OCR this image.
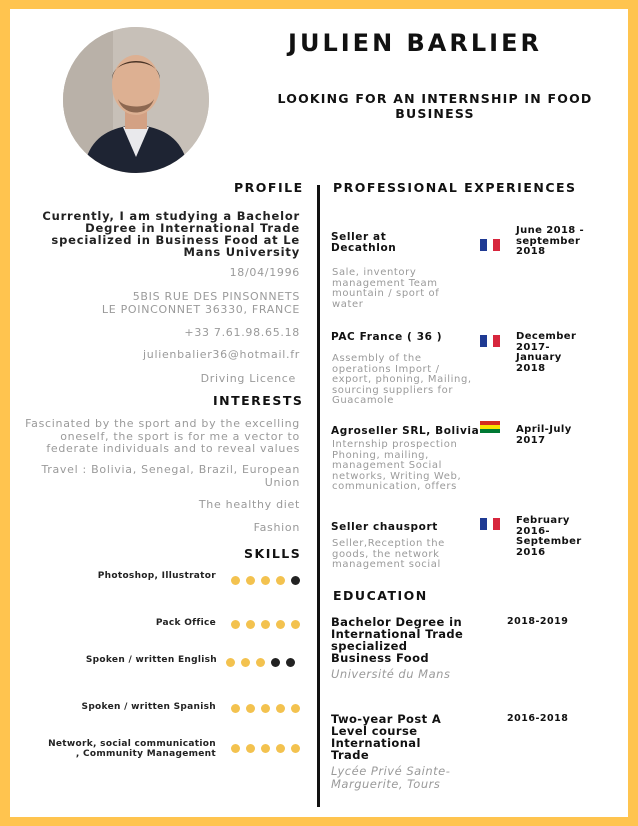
JULIEN BARLIER
LOOKING FOR AN INTERNSHIP IN FOOD BUSINESS
PROFILE
Currently, I am studying a Bachelor Degree in International Trade specialized in Business Food at Le Mans University
18/04/1996
5BIS RUE DES PINSONNETS
LE POINCONNET 36330, FRANCE
+33 7.61.98.65.18
julienbalier36@hotmail.fr
Driving Licence
INTERESTS
Fascinated by the sport and by the excelling oneself, the sport is for me a vector to federate individuals and to reveal values
Travel : Bolivia, Senegal, Brazil, European Union
The healthy diet
Fashion
SKILLS
Photoshop, Illustrator
Pack Office
Spoken / written English
Spoken / written Spanish
Network, social communication , Community Management
PROFESSIONAL EXPERIENCES
Seller at Decathlon
June 2018 - september 2018
Sale, inventory management Team mountain / sport of water
PAC France ( 36 )	December 2017- January 2018
Assembly of the operations Import / export, phoning, Mailing, sourcing suppliers for Guacamole
Agroseller SRL, Bolivia	April-July 2017
Internship prospection Phoning, mailing, management Social networks, Writing Web, communication, offers
Seller chausport
February 2016- September 2016
Seller,Reception the goods, the network management social
EDUCATION
Bachelor Degree in International Trade specialized Business Food
Université du Mans
2018-2019
Two-year Post A Level course International Trade
Lycée Privé Sainte-Marguerite, Tours
2016-2018
